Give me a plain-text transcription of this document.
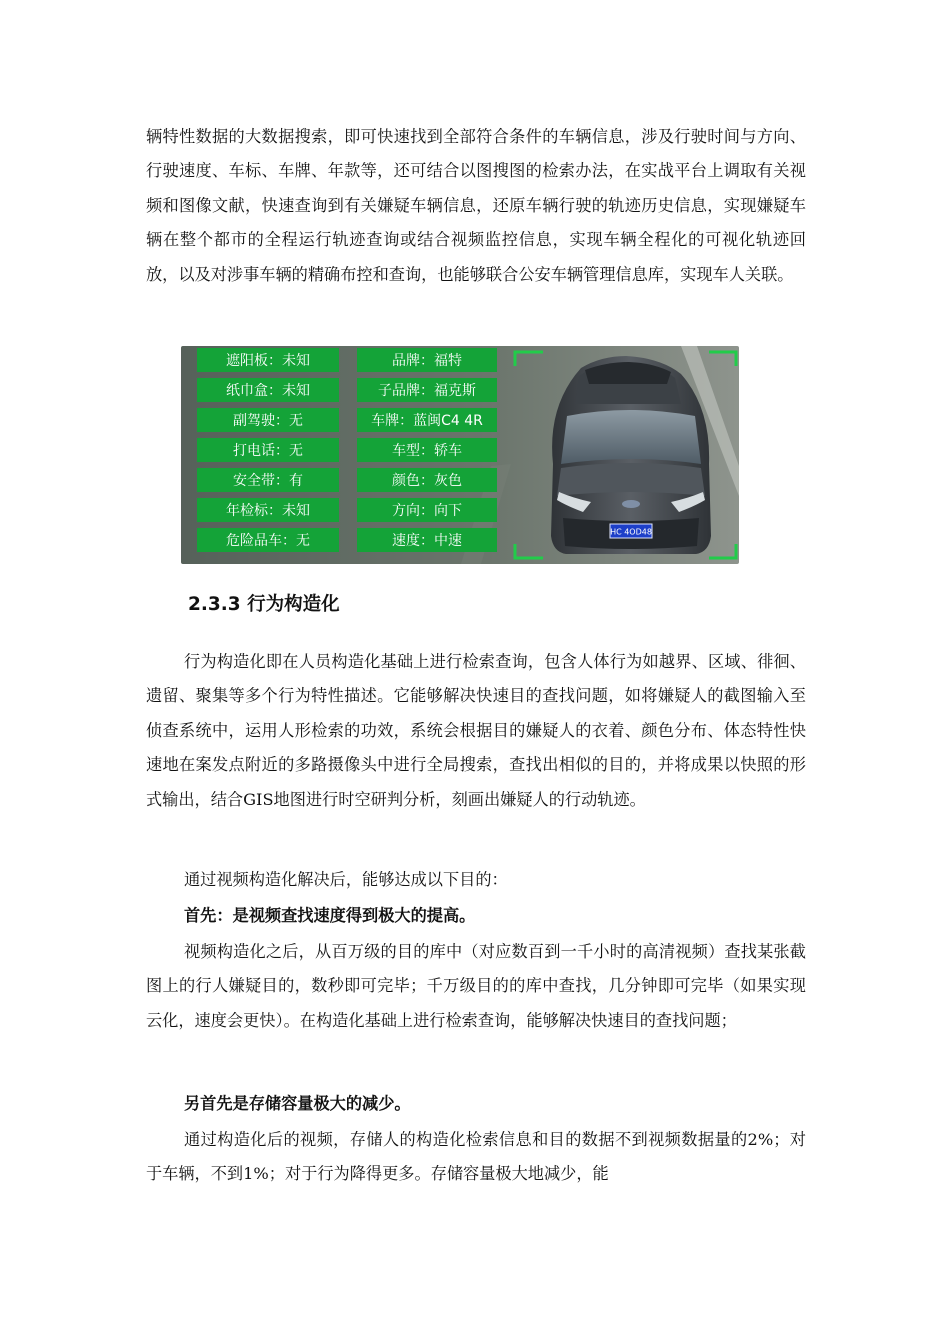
辆特性数据的大数据搜索，即可快速找到全部符合条件的车辆信息，涉及行驶时间与方向、行驶速度、车标、车牌、年款等，还可结合以图搜图的检索办法，在实战平台上调取有关视频和图像文献，快速查询到有关嫌疑车辆信息，还原车辆行驶的轨迹历史信息，实现嫌疑车辆在整个都市的全程运行轨迹查询或结合视频监控信息，实现车辆全程化的可视化轨迹回放，以及对涉事车辆的精确布控和查询，也能够联合公安车辆管理信息库，实现车人关联。

遮阳板：未知
纸巾盒：未知
副驾驶：无
打电话：无
安全带：有
年检标：未知
危险品车：无
品牌：福特
子品牌：福克斯
车牌：蓝闽C4 4R
车型：轿车
颜色：灰色
方向：向下
速度：中速
HC 4OD48
2.3.3 行为构造化

行为构造化即在人员构造化基础上进行检索查询，包含人体行为如越界、区域、徘徊、遗留、聚集等多个行为特性描述。它能够解决快速目的查找问题，如将嫌疑人的截图输入至侦查系统中，运用人形检索的功效，系统会根据目的嫌疑人的衣着、颜色分布、体态特性快速地在案发点附近的多路摄像头中进行全局搜索，查找出相似的目的，并将成果以快照的形式输出，结合GIS地图进行时空研判分析，刻画出嫌疑人的行动轨迹。

通过视频构造化解决后，能够达成以下目的：

首先：是视频查找速度得到极大的提高。

视频构造化之后，从百万级的目的库中（对应数百到一千小时的高清视频）查找某张截图上的行人嫌疑目的，数秒即可完毕；千万级目的的库中查找，几分钟即可完毕（如果实现云化，速度会更快）。在构造化基础上进行检索查询，能够解决快速目的查找问题；

另首先是存储容量极大的减少。

通过构造化后的视频，存储人的构造化检索信息和目的数据不到视频数据量的2%；对于车辆，不到1%；对于行为降得更多。存储容量极大地减少，能
